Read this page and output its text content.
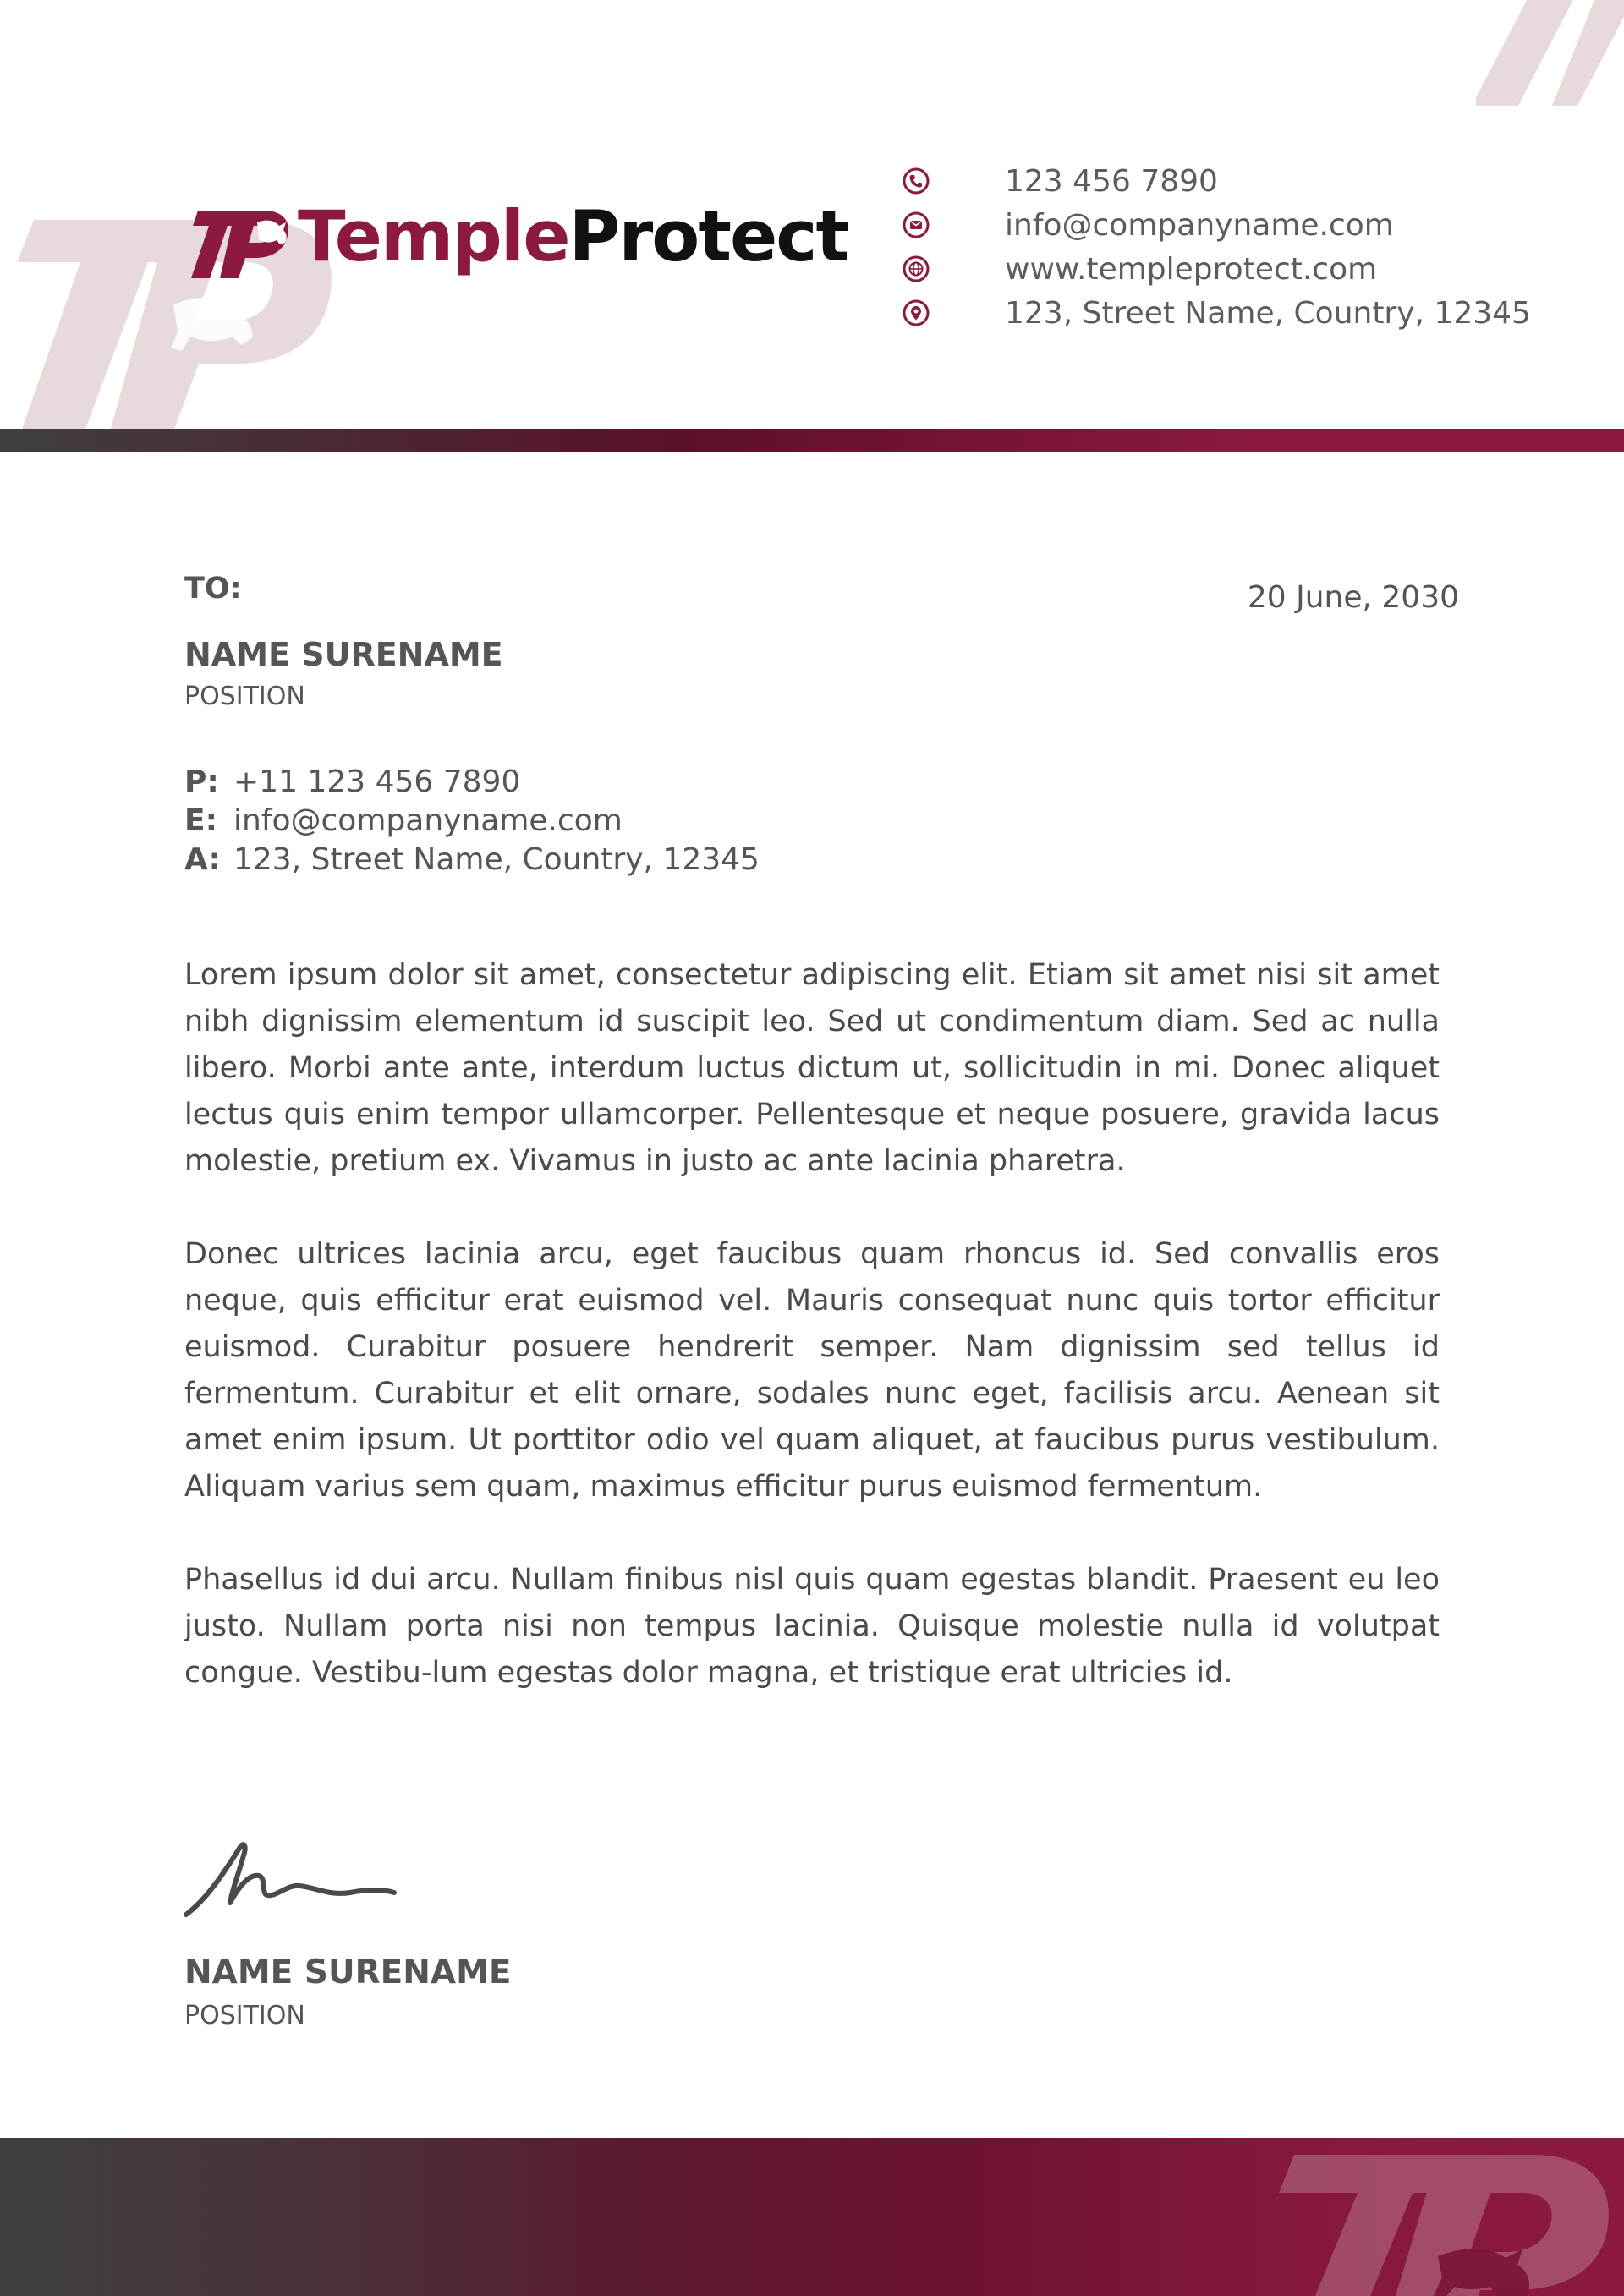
TempleProtect
123 456 7890
info@companyname.com
www.templeprotect.com
123, Street Name, Country, 12345
TO:	20 June, 2030
NAME SURENAME
POSITION
P: +11 123 456 7890
E: info@companyname.com
A: 123, Street Name, Country, 12345

Lorem ipsum dolor sit amet, consectetur adipiscing elit. Etiam sit amet nisi sit amet nibh dignissim elementum id suscipit leo. Sed ut condimentum diam. Sed ac nulla libero. Morbi ante ante, interdum luctus dictum ut, sollicitudin in mi. Donec aliquet lectus quis enim tempor ullamcorper. Pellentesque et neque posuere, gravida lacus molestie, pretium ex. Vivamus in justo ac ante lacinia pharetra.

Donec ultrices lacinia arcu, eget faucibus quam rhoncus id. Sed convallis eros neque, quis efficitur erat euismod vel. Mauris consequat nunc quis tortor efficitur euismod. Curabitur posuere hendrerit semper. Nam dignissim sed tellus id fermentum. Curabitur et elit ornare, sodales nunc eget, facilisis arcu. Aenean sit amet enim ipsum. Ut porttitor odio vel quam aliquet, at faucibus purus vestibulum. Aliquam varius sem quam, maximus efficitur purus euismod fermentum.

Phasellus id dui arcu. Nullam finibus nisl quis quam egestas blandit. Praesent eu leo justo. Nullam porta nisi non tempus lacinia. Quisque molestie nulla id volutpat congue. Vestibu-lum egestas dolor magna, et tristique erat ultricies id.

NAME SURENAME
POSITION
